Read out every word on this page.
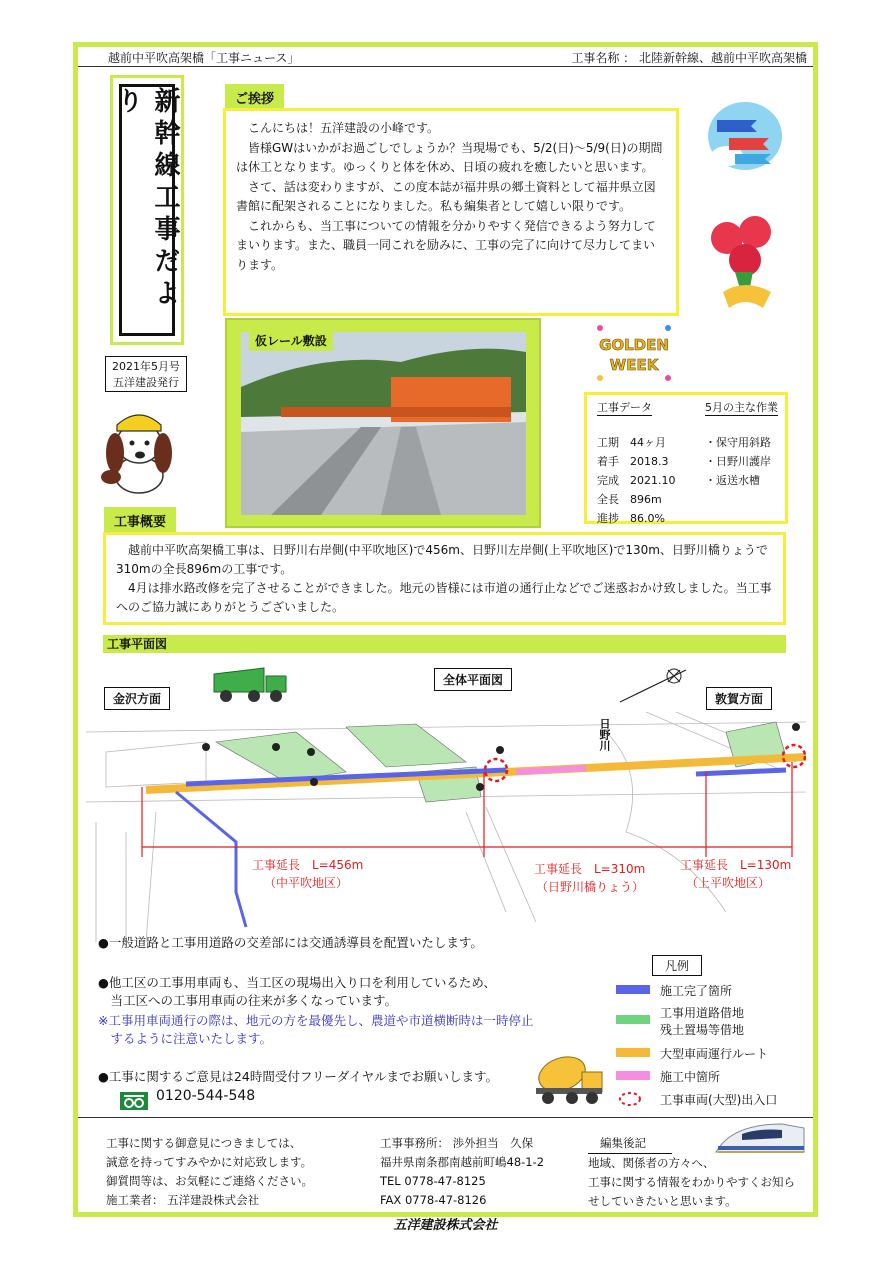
越前中平吹高架橋「工事ニュース」	工事名称 ： 北陸新幹線、越前中平吹高架橋
新幹線工事だより
2021年5月号
五洋建設発行
ご挨拶

　こんにちは！五洋建設の小峰です。

　皆様GWはいかがお過ごしでしょうか？当現場でも、5/2(日)～5/9(日)の期間は休工となります。ゆっくりと体を休め、日頃の疲れを癒したいと思います。

　さて、話は変わりますが、この度本誌が福井県の郷土資料として福井県立図書館に配架されることになりました。私も編集者として嬉しい限りです。

　これからも、当工事についての情報を分かりやすく発信できるよう努力してまいります。また、職員一同これを励みに、工事の完了に向けて尽力してまいります。

GOLDEN
WEEK
仮レール敷設
工事データ	5月の主な作業
工期　 44ヶ月
着手　 2018.3
完成　 2021.10
全長　 896m
進捗　 86.0%
・保守用斜路
・日野川護岸
・返送水槽
工事概要

　越前中平吹高架橋工事は、日野川右岸側(中平吹地区)で456m、日野川左岸側(上平吹地区)で130m、日野川橋りょうで310mの全長896mの工事です。

　4月は排水路改修を完了させることができました。地元の皆様には市道の通行止などでご迷惑おかけ致しました。当工事へのご協力誠にありがとうございました。

工事平面図
全体平面図
金沢方面	敦賀方面
日野川
工事延長　L=456m
（中平吹地区）
工事延長　L=310m
（日野川橋りょう）
工事延長　L=130m
（上平吹地区）
●一般道路と工事用道路の交差部には交通誘導員を配置いたします。
●他工区の工事用車両も、当工区の現場出入り口を利用しているため、
　当工区への工事用車両の往来が多くなっています。
※工事用車両通行の際は、地元の方を最優先し、農道や市道横断時は一時停止
　するように注意いたします。
●工事に関するご意見は24時間受付フリーダイヤルまでお願いします。
0120-544-548
凡例
施工完了箇所
工事用道路借地
残土置場等借地
大型車両運行ルート
施工中箇所
工事車両(大型)出入口
工事に関する御意見につきましては、
誠意を持ってすみやかに対応致します。
御質問等は、お気軽にご連絡ください。
施工業者： 五洋建設株式会社
工事事務所： 渉外担当　久保
福井県南条郡南越前町嶋48-1-2
TEL 0778-47-8125
FAX 0778-47-8126
編集後記
地域、関係者の方々へ、
工事に関する情報をわかりやすくお知ら
せしていきたいと思います。
五洋建設株式会社
